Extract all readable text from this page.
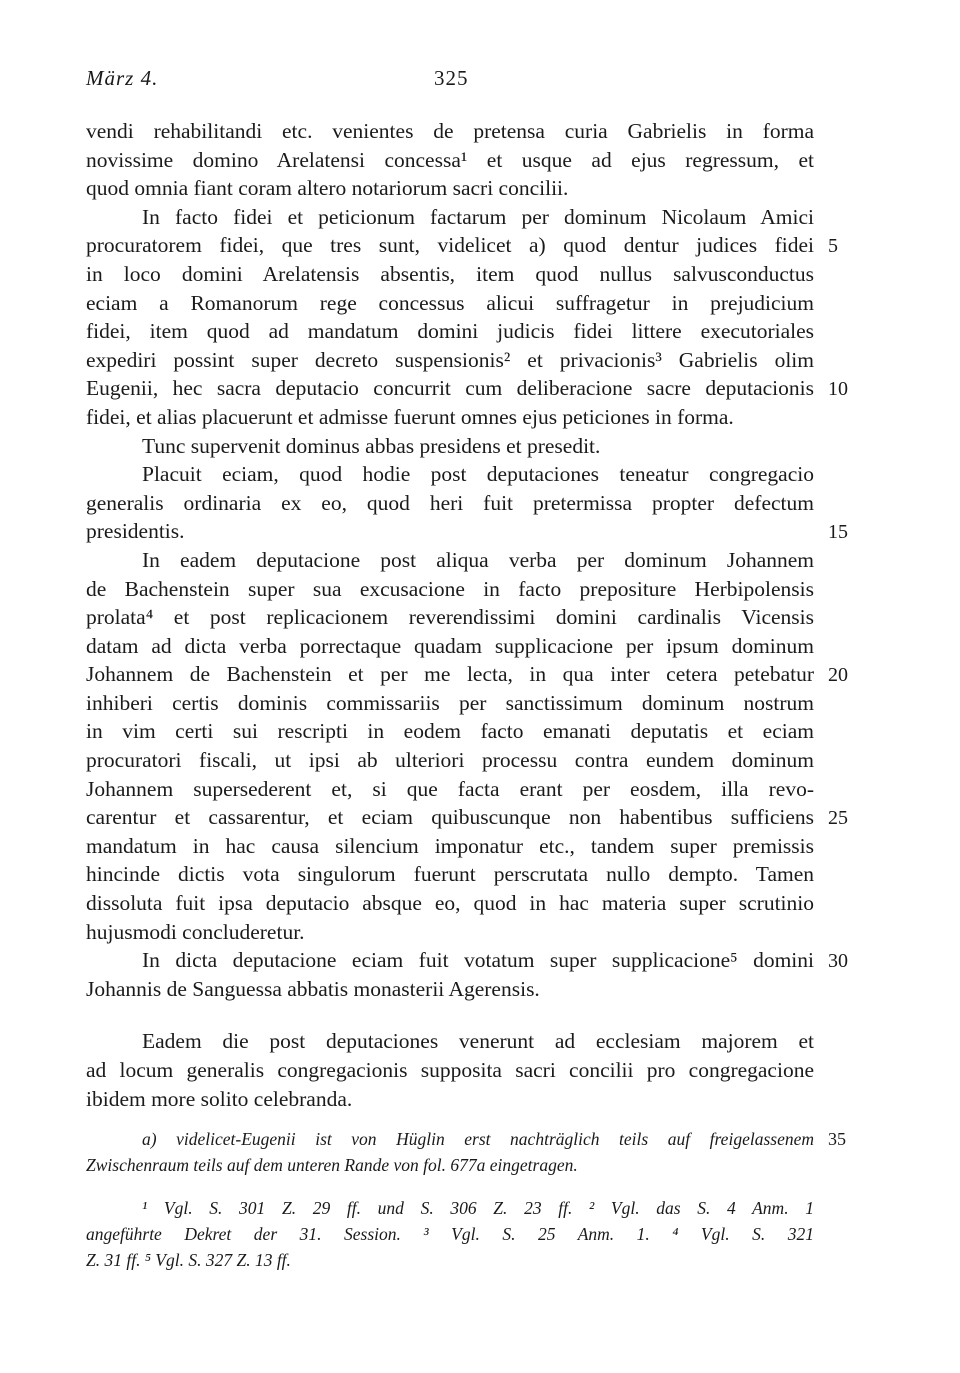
März 4.	325
vendi rehabilitandi etc. venientes de pretensa curia Gabrielis in forma
novissime domino Arelatensi concessa¹ et usque ad ejus regressum, et
quod omnia fiant coram altero notariorum sacri concilii.
In facto fidei et peticionum factarum per dominum Nicolaum Amici
procuratorem fidei, que tres sunt, videlicet a) quod dentur judices fidei
in loco domini Arelatensis absentis, item quod nullus salvusconductus
eciam a Romanorum rege concessus alicui suffragetur in prejudicium
fidei, item quod ad mandatum domini judicis fidei littere executoriales
expediri possint super decreto suspensionis² et privacionis³ Gabrielis olim
Eugenii, hec sacra deputacio concurrit cum deliberacione sacre deputacionis
fidei, et alias placuerunt et admisse fuerunt omnes ejus peticiones in forma.
Tunc supervenit dominus abbas presidens et presedit.
Placuit eciam, quod hodie post deputaciones teneatur congregacio
generalis ordinaria ex eo, quod heri fuit pretermissa propter defectum
presidentis.
In eadem deputacione post aliqua verba per dominum Johannem
de Bachenstein super sua excusacione in facto prepositure Herbipolensis
prolata⁴ et post replicacionem reverendissimi domini cardinalis Vicensis
datam ad dicta verba porrectaque quadam supplicacione per ipsum dominum
Johannem de Bachenstein et per me lecta, in qua inter cetera petebatur
inhiberi certis dominis commissariis per sanctissimum dominum nostrum
in vim certi sui rescripti in eodem facto emanati deputatis et eciam
procuratori fiscali, ut ipsi ab ulteriori processu contra eundem dominum
Johannem supersederent et, si que facta erant per eosdem, illa revo-
carentur et cassarentur, et eciam quibuscunque non habentibus sufficiens
mandatum in hac causa silencium imponatur etc., tandem super premissis
hincinde dictis vota singulorum fuerunt perscrutata nullo dempto. Tamen
dissoluta fuit ipsa deputacio absque eo, quod in hac materia super scrutinio
hujusmodi concluderetur.
In dicta deputacione eciam fuit votatum super supplicacione⁵ domini
Johannis de Sanguessa abbatis monasterii Agerensis.
Eadem die post deputaciones venerunt ad ecclesiam majorem et
ad locum generalis congregacionis supposita sacri concilii pro congregacione
ibidem more solito celebranda.
5
10
15
20
25
30
a) videlicet-Eugenii ist von Hüglin erst nachträglich teils auf freigelassenem
Zwischenraum teils auf dem unteren Rande von fol. 677a eingetragen.
¹ Vgl. S. 301 Z. 29 ff. und S. 306 Z. 23 ff. ² Vgl. das S. 4 Anm. 1
angeführte Dekret der 31. Session. ³ Vgl. S. 25 Anm. 1. ⁴ Vgl. S. 321
Z. 31 ff. ⁵ Vgl. S. 327 Z. 13 ff.
35
